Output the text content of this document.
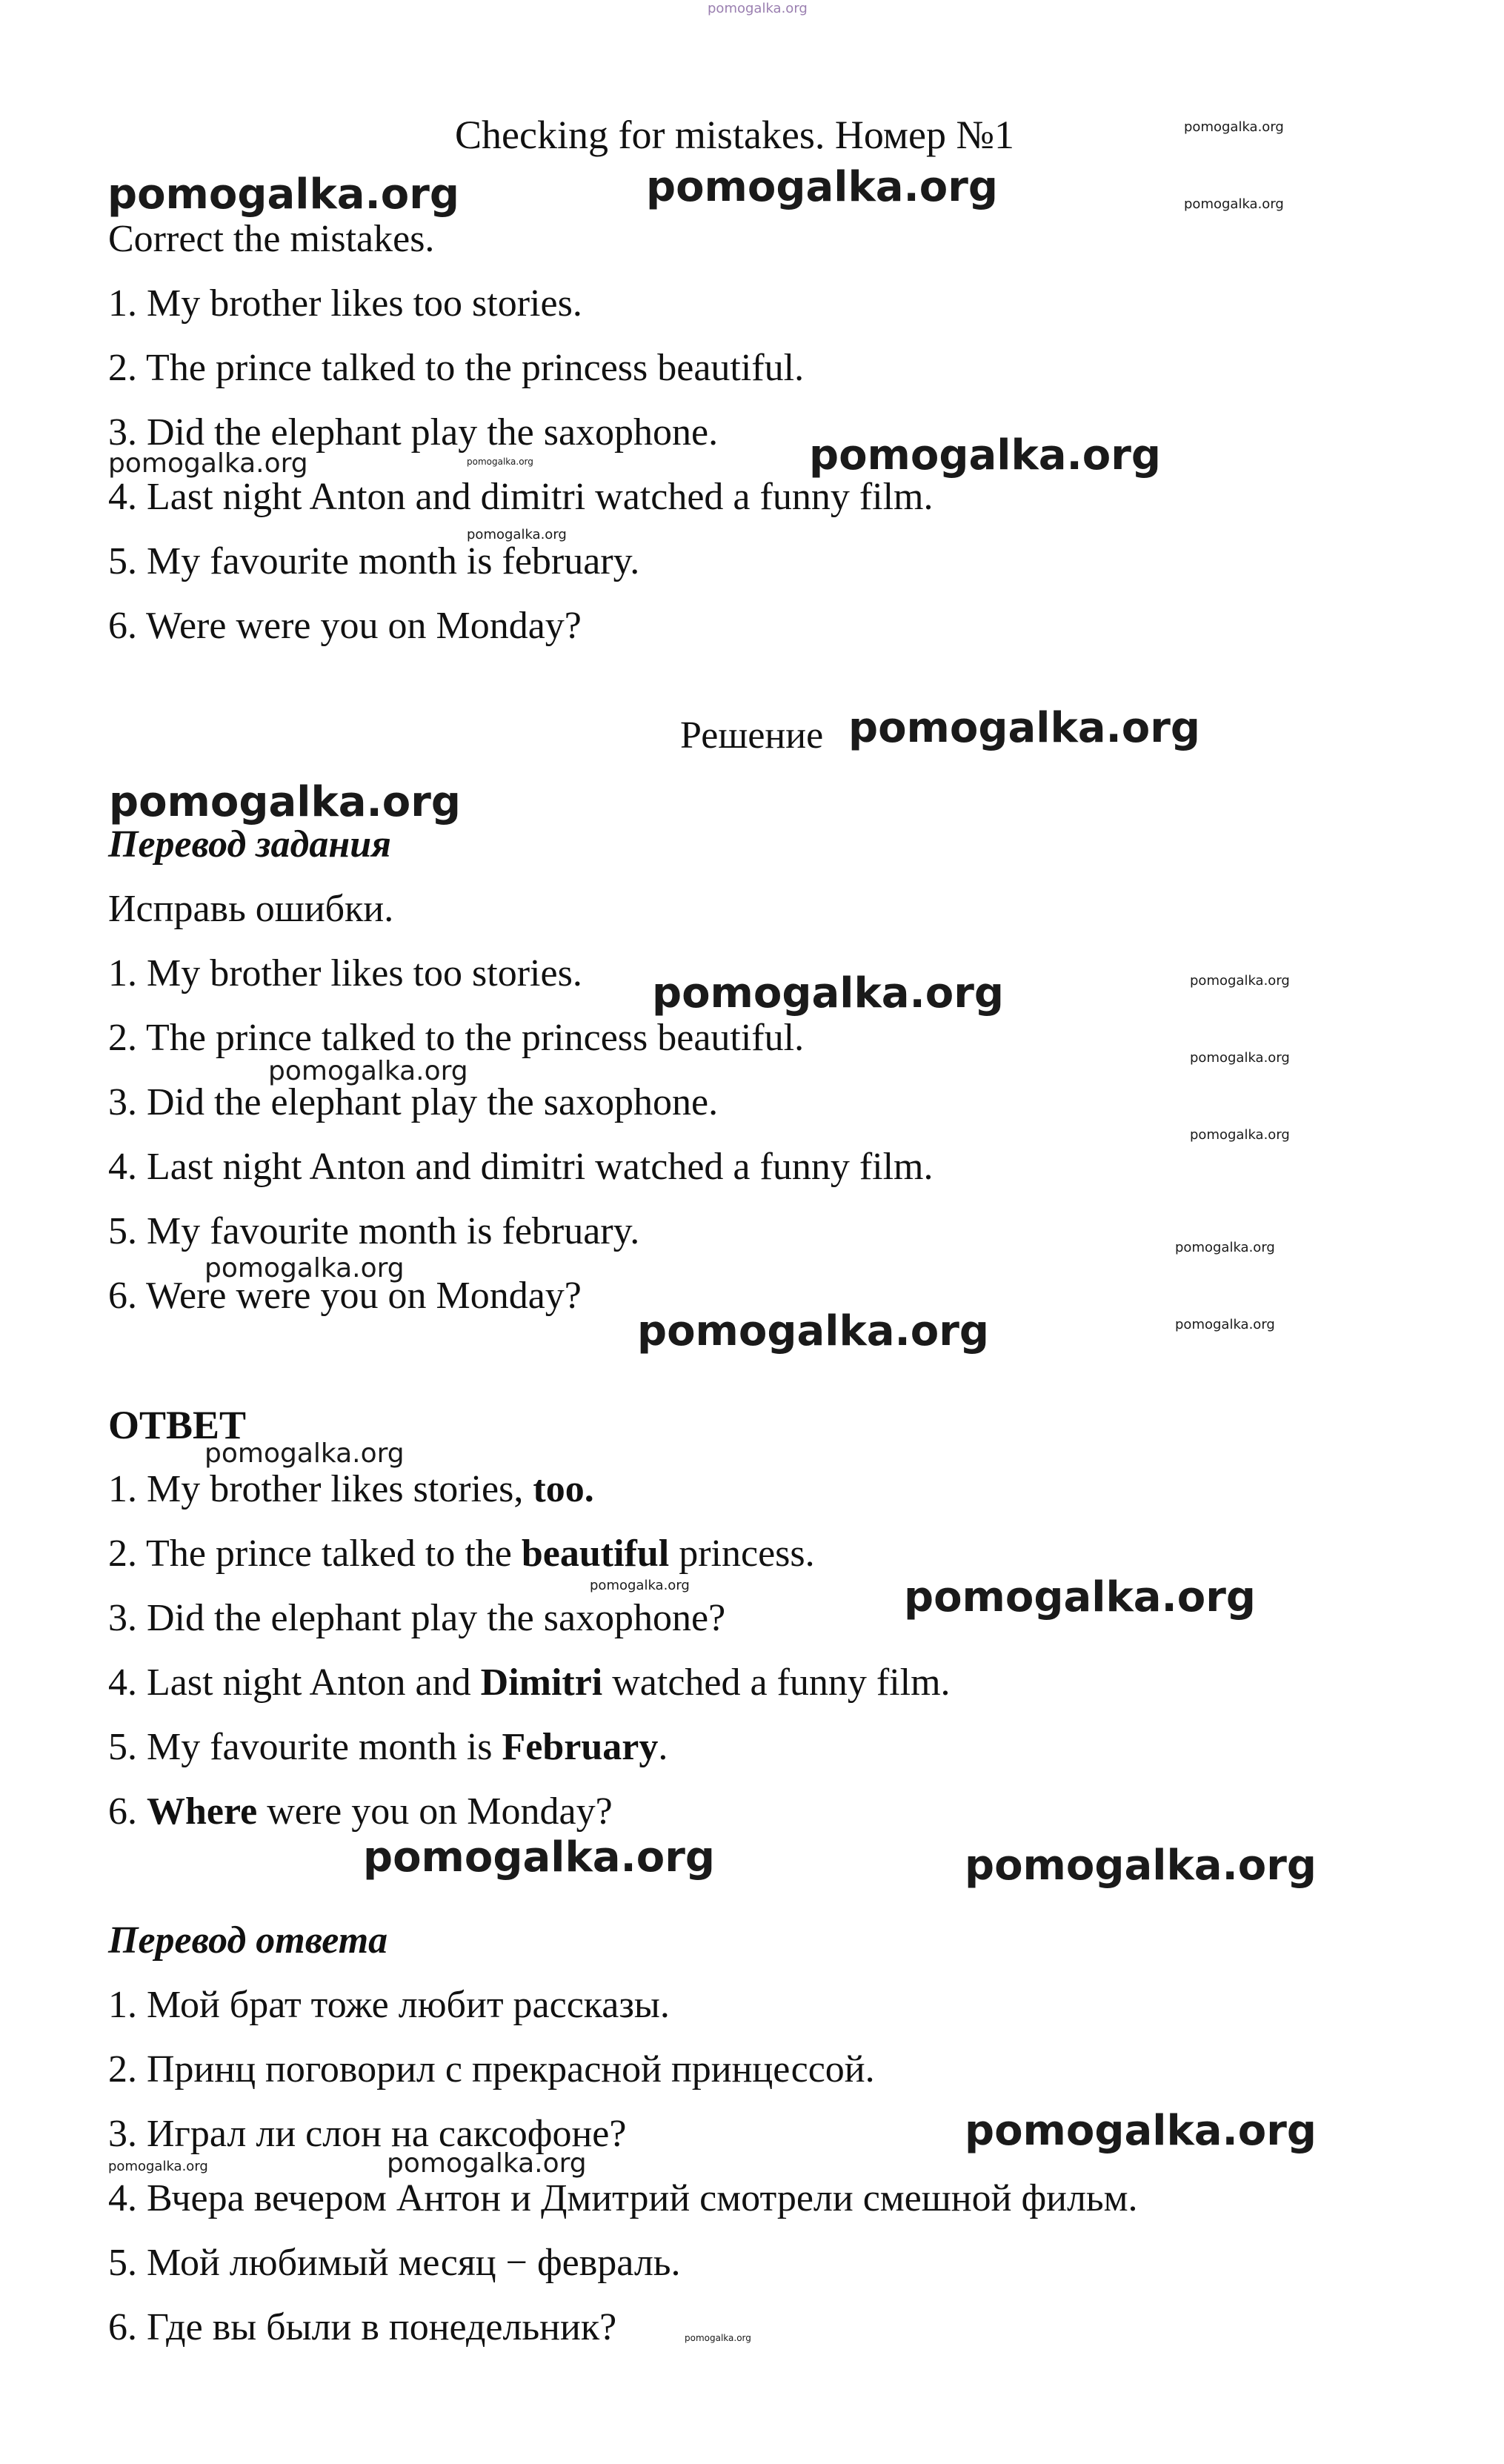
pomogalka.org
Checking for mistakes. Номер №1
Correct the mistakes.
1. My brother likes too stories.
2. The prince talked to the princess beautiful.
3. Did the elephant play the saxophone.
4. Last night Anton and dimitri watched a funny film.
5. My favourite month is february.
6. Were were you on Monday?
Решение
Перевод задания
Исправь ошибки.
1. My brother likes too stories.
2. The prince talked to the princess beautiful.
3. Did the elephant play the saxophone.
4. Last night Anton and dimitri watched a funny film.
5. My favourite month is february.
6. Were were you on Monday?
ОТВЕТ
1. My brother likes stories, too.
2. The prince talked to the beautiful princess.
3. Did the elephant play the saxophone?
4. Last night Anton and Dimitri watched a funny film.
5. My favourite month is February.
6. Where were you on Monday?
Перевод ответа
1. Мой брат тоже любит рассказы.
2. Принц поговорил с прекрасной принцессой.
3. Играл ли слон на саксофоне?
4. Вчера вечером Антон и Дмитрий смотрели смешной фильм.
5. Мой любимый месяц − февраль.
6. Где вы были в понедельник?
pomogalka.org	pomogalka.org
pomogalka.org
pomogalka.org
pomogalka.org
pomogalka.org
pomogalka.org
pomogalka.org
pomogalka.org	pomogalka.org
pomogalka.org
pomogalka.org
pomogalka.org
pomogalka.org
pomogalka.org
pomogalka.org
pomogalka.org
pomogalka.org
pomogalka.org
pomogalka.org
pomogalka.org
pomogalka.org
pomogalka.org
pomogalka.org
pomogalka.org
pomogalka.org
pomogalka.org
pomogalka.org
